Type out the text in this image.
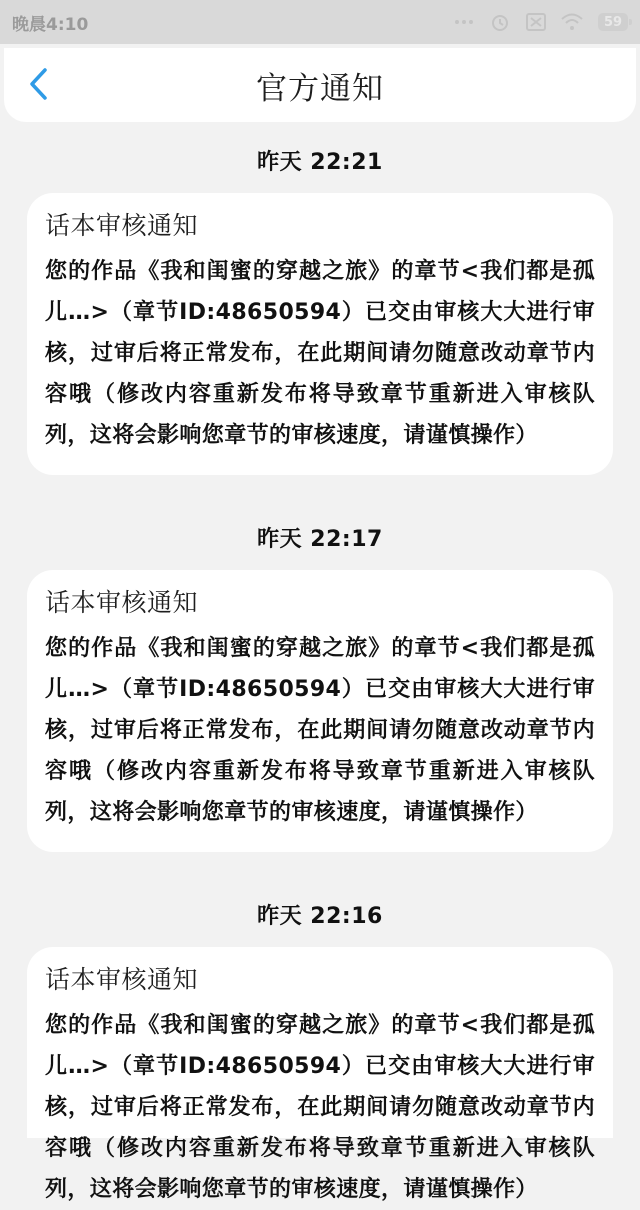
晚晨4:10	59
官方通知
昨天 22:21
话本审核通知
您的作品《我和闺蜜的穿越之旅》的章节<我们都是孤儿…>（章节ID:48650594）已交由审核大大进行审核，过审后将正常发布，在此期间请勿随意改动章节内容哦（修改内容重新发布将导致章节重新进入审核队列，这将会影响您章节的审核速度，请谨慎操作）
昨天 22:17
话本审核通知
您的作品《我和闺蜜的穿越之旅》的章节<我们都是孤儿…>（章节ID:48650594）已交由审核大大进行审核，过审后将正常发布，在此期间请勿随意改动章节内容哦（修改内容重新发布将导致章节重新进入审核队列，这将会影响您章节的审核速度，请谨慎操作）
昨天 22:16
话本审核通知
您的作品《我和闺蜜的穿越之旅》的章节<我们都是孤儿…>（章节ID:48650594）已交由审核大大进行审核，过审后将正常发布，在此期间请勿随意改动章节内容哦（修改内容重新发布将导致章节重新进入审核队列，这将会影响您章节的审核速度，请谨慎操作）
